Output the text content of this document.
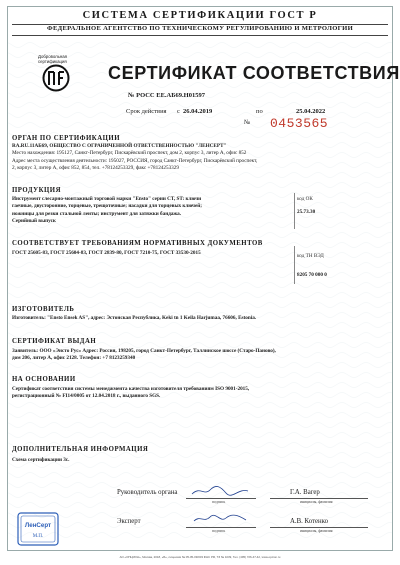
СИСТЕМА СЕРТИФИКАЦИИ ГОСТ Р
ФЕДЕРАЛЬНОЕ АГЕНТСТВО ПО ТЕХНИЧЕСКОМУ РЕГУЛИРОВАНИЮ И МЕТРОЛОГИИ
Добровольная
сертификация
СЕРТИФИКАТ СООТВЕТСТВИЯ
№ РОСС EE.АБ69.Н01597
Срок действия с 26.04.2019	по	25.04.2022
№ 0453565
ОРГАН ПО СЕРТИФИКАЦИИ
RA.RU.11АБ69, ОБЩЕСТВО С ОГРАНИЧЕННОЙ ОТВЕТСТВЕННОСТЬЮ "ЛЕНСЕРТ"
Место нахождения: 195127, Санкт-Петербург, Пискарёвский проспект, дом 2, корпус 3, литер А, офис 852
Адрес места осуществления деятельности: 195027, РОССИЯ, город Санкт-Петербург, Пискарёвский проспект,
2, корпус 3, литер А, офис 852, 854, тел. +78124253329, факс +78124253329
ПРОДУКЦИЯ
Инструмент слесарно-монтажный торговой марки "Ensto" серии CT, ST: ключи
гаечные, двусторонние, торцевые, трещоточные; насадки для торцевых ключей;
ножницы для резки стальной ленты; инструмент для затяжки бандажа.
Серийный выпуск
код ОК
25.73.30
СООТВЕТСТВУЕТ ТРЕБОВАНИЯМ НОРМАТИВНЫХ ДОКУМЕНТОВ
ГОСТ 25605-83, ГОСТ 25604-83, ГОСТ 2839-80, ГОСТ 7210-75, ГОСТ 33530-2015	код ТН ВЭД
8205 70 000 0
ИЗГОТОВИТЕЛЬ
Изготовитель: "Ensto Ensek AS", адрес: Эстонская Республика, Keki tn 1 Keila Harjumaa, 76606, Estonia.
СЕРТИФИКАТ ВЫДАН
Заявитель: ООО «Энсто Рус» Адрес: Россия, 198205, город Санкт-Петербург, Таллинское шоссе (Старо-Паново),
дом 206, литер А, офис 2128. Телефон: +7 8123259340
НА ОСНОВАНИИ
Сертификат соответствия системы менеджмента качества изготовителя требованиям ISO 9001-2015,
регистрационный № FI14/0005 от 12.04.2018 г., выданного SGS.
ДОПОЛНИТЕЛЬНАЯ ИНФОРМАЦИЯ
Схема сертификации 3с.
Руководитель органа	Г.А. Вагер
подпись	инициалы, фамилия
Эксперт	А.В. Котенко
подпись	инициалы, фамилия
ЛенСерт
М.П.
АО «ОПЦИОН», Москва, 2018, «Б», лицензия № 05-05-09/003 ФНС РФ, ТЗ № 1039, Тел. (495) 726-47-42, www.opcion.ru
